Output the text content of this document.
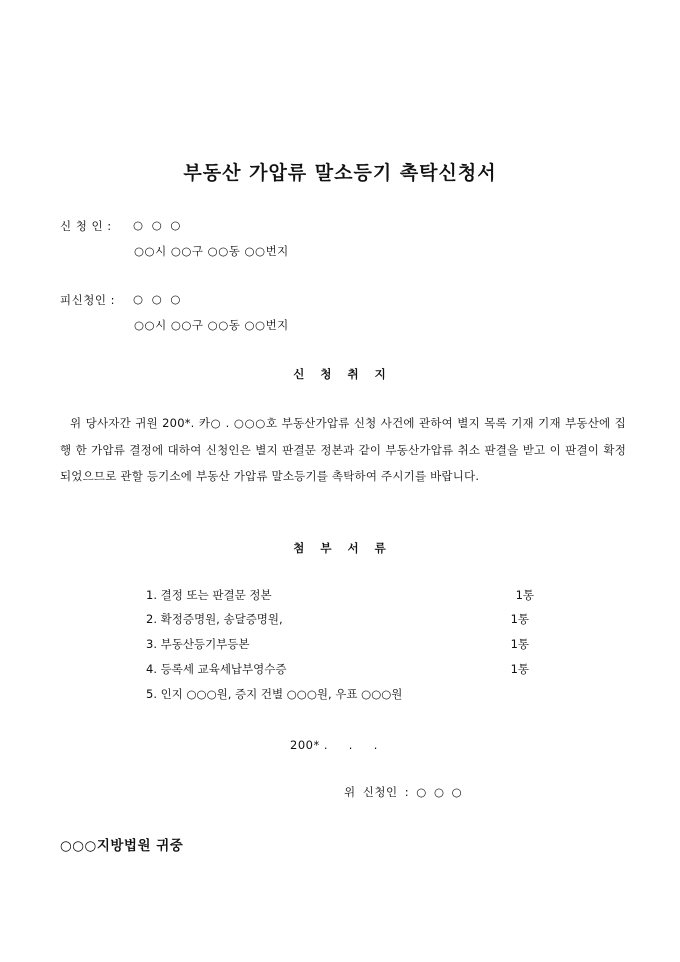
부동산 가압류 말소등기 촉탁신청서
신 청 인 : ○ ○ ○
○○시 ○○구 ○○동 ○○번지
피신청인 : ○ ○ ○
○○시 ○○구 ○○동 ○○번지
신 청 취 지
위 당사자간 귀원 200*. 카○ . ○○○호 부동산가압류 신청 사건에 관하여 별지 목록 기재 기재 부동산에 집행 한 가압류 결정에 대하여 신청인은 별지 판결문 정본과 같이 부동산가압류 취소 판결을 받고 이 판결이 확정되었으므로 관할 등기소에 부동산 가압류 말소등기를 촉탁하여 주시기를 바랍니다.
첨 부 서 류
1. 결정 또는 판결문 정본	1통
2. 확정증명원, 송달증명원,	1통
3. 부동산등기부등본	1통
4. 등록세 교육세납부영수증	1통
5. 인지 ○○○원, 증지 건별 ○○○원, 우표 ○○○원
200* .     .     .
위 신청인 : ○ ○ ○
○○○지방법원 귀중
